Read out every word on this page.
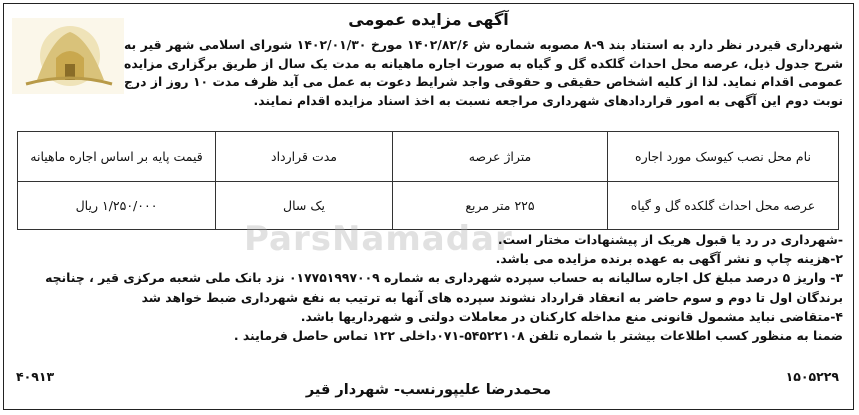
آگهی مزایده عمومی
شهرداری قیردر نظر دارد به استناد بند ۹-۸ مصوبه شماره ش ۱۴۰۲/۸۲/۶ مورخ ۱۴۰۲/۰۱/۳۰ شورای اسلامی شهر قیر به شرح جدول ذیل، عرصه محل احداث گلکده گل و گیاه به صورت اجاره ماهیانه به مدت یک سال از طریق برگزاری مزایده عمومی اقدام نماید. لذا از کلیه اشخاص حقیقی و حقوقی واجد شرایط دعوت به عمل می آید ظرف مدت ۱۰ روز از درج نوبت دوم این آگهی به امور قراردادهای شهرداری مراجعه نسبت به اخذ اسناد مزایده اقدام نمایند.
نام محل نصب کیوسک مورد اجاره	متراژ عرصه	مدت قرارداد	قیمت پایه بر اساس اجاره ماهیانه
عرصه محل احداث گلکده گل و گیاه	۲۲۵ متر مربع	یک سال	۱/۲۵۰/۰۰۰ ریال
ParsNamadar
-شهرداری در رد یا قبول هریک از پیشنهادات مختار است.
۲-هزینه چاپ و نشر آگهی به عهده برنده مزایده می باشد.
۳- واریز ۵ درصد مبلغ کل اجاره سالیانه به حساب سپرده شهرداری به شماره ۰۱۷۷۵۱۹۹۷۰۰۹ نزد بانک ملی شعبه مرکزی قیر ، چنانچه
برندگان اول تا دوم و سوم حاضر به انعقاد قرارداد نشوند سپرده های آنها به ترتیب به نفع شهرداری ضبط خواهد شد
۴-متقاضی نباید مشمول قانونی منع مداخله کارکنان در معاملات دولتی و شهرداریها باشد.
ضمنا به منظور کسب اطلاعات بیشتر با شماره تلفن ۵۴۵۲۲۱۰۸-۰۷۱داخلی ۱۲۲ تماس حاصل فرمایند .
۱۵۰۵۲۲۹
۴۰۹۱۳
محمدرضا علیپورنسب- شهردار قیر
